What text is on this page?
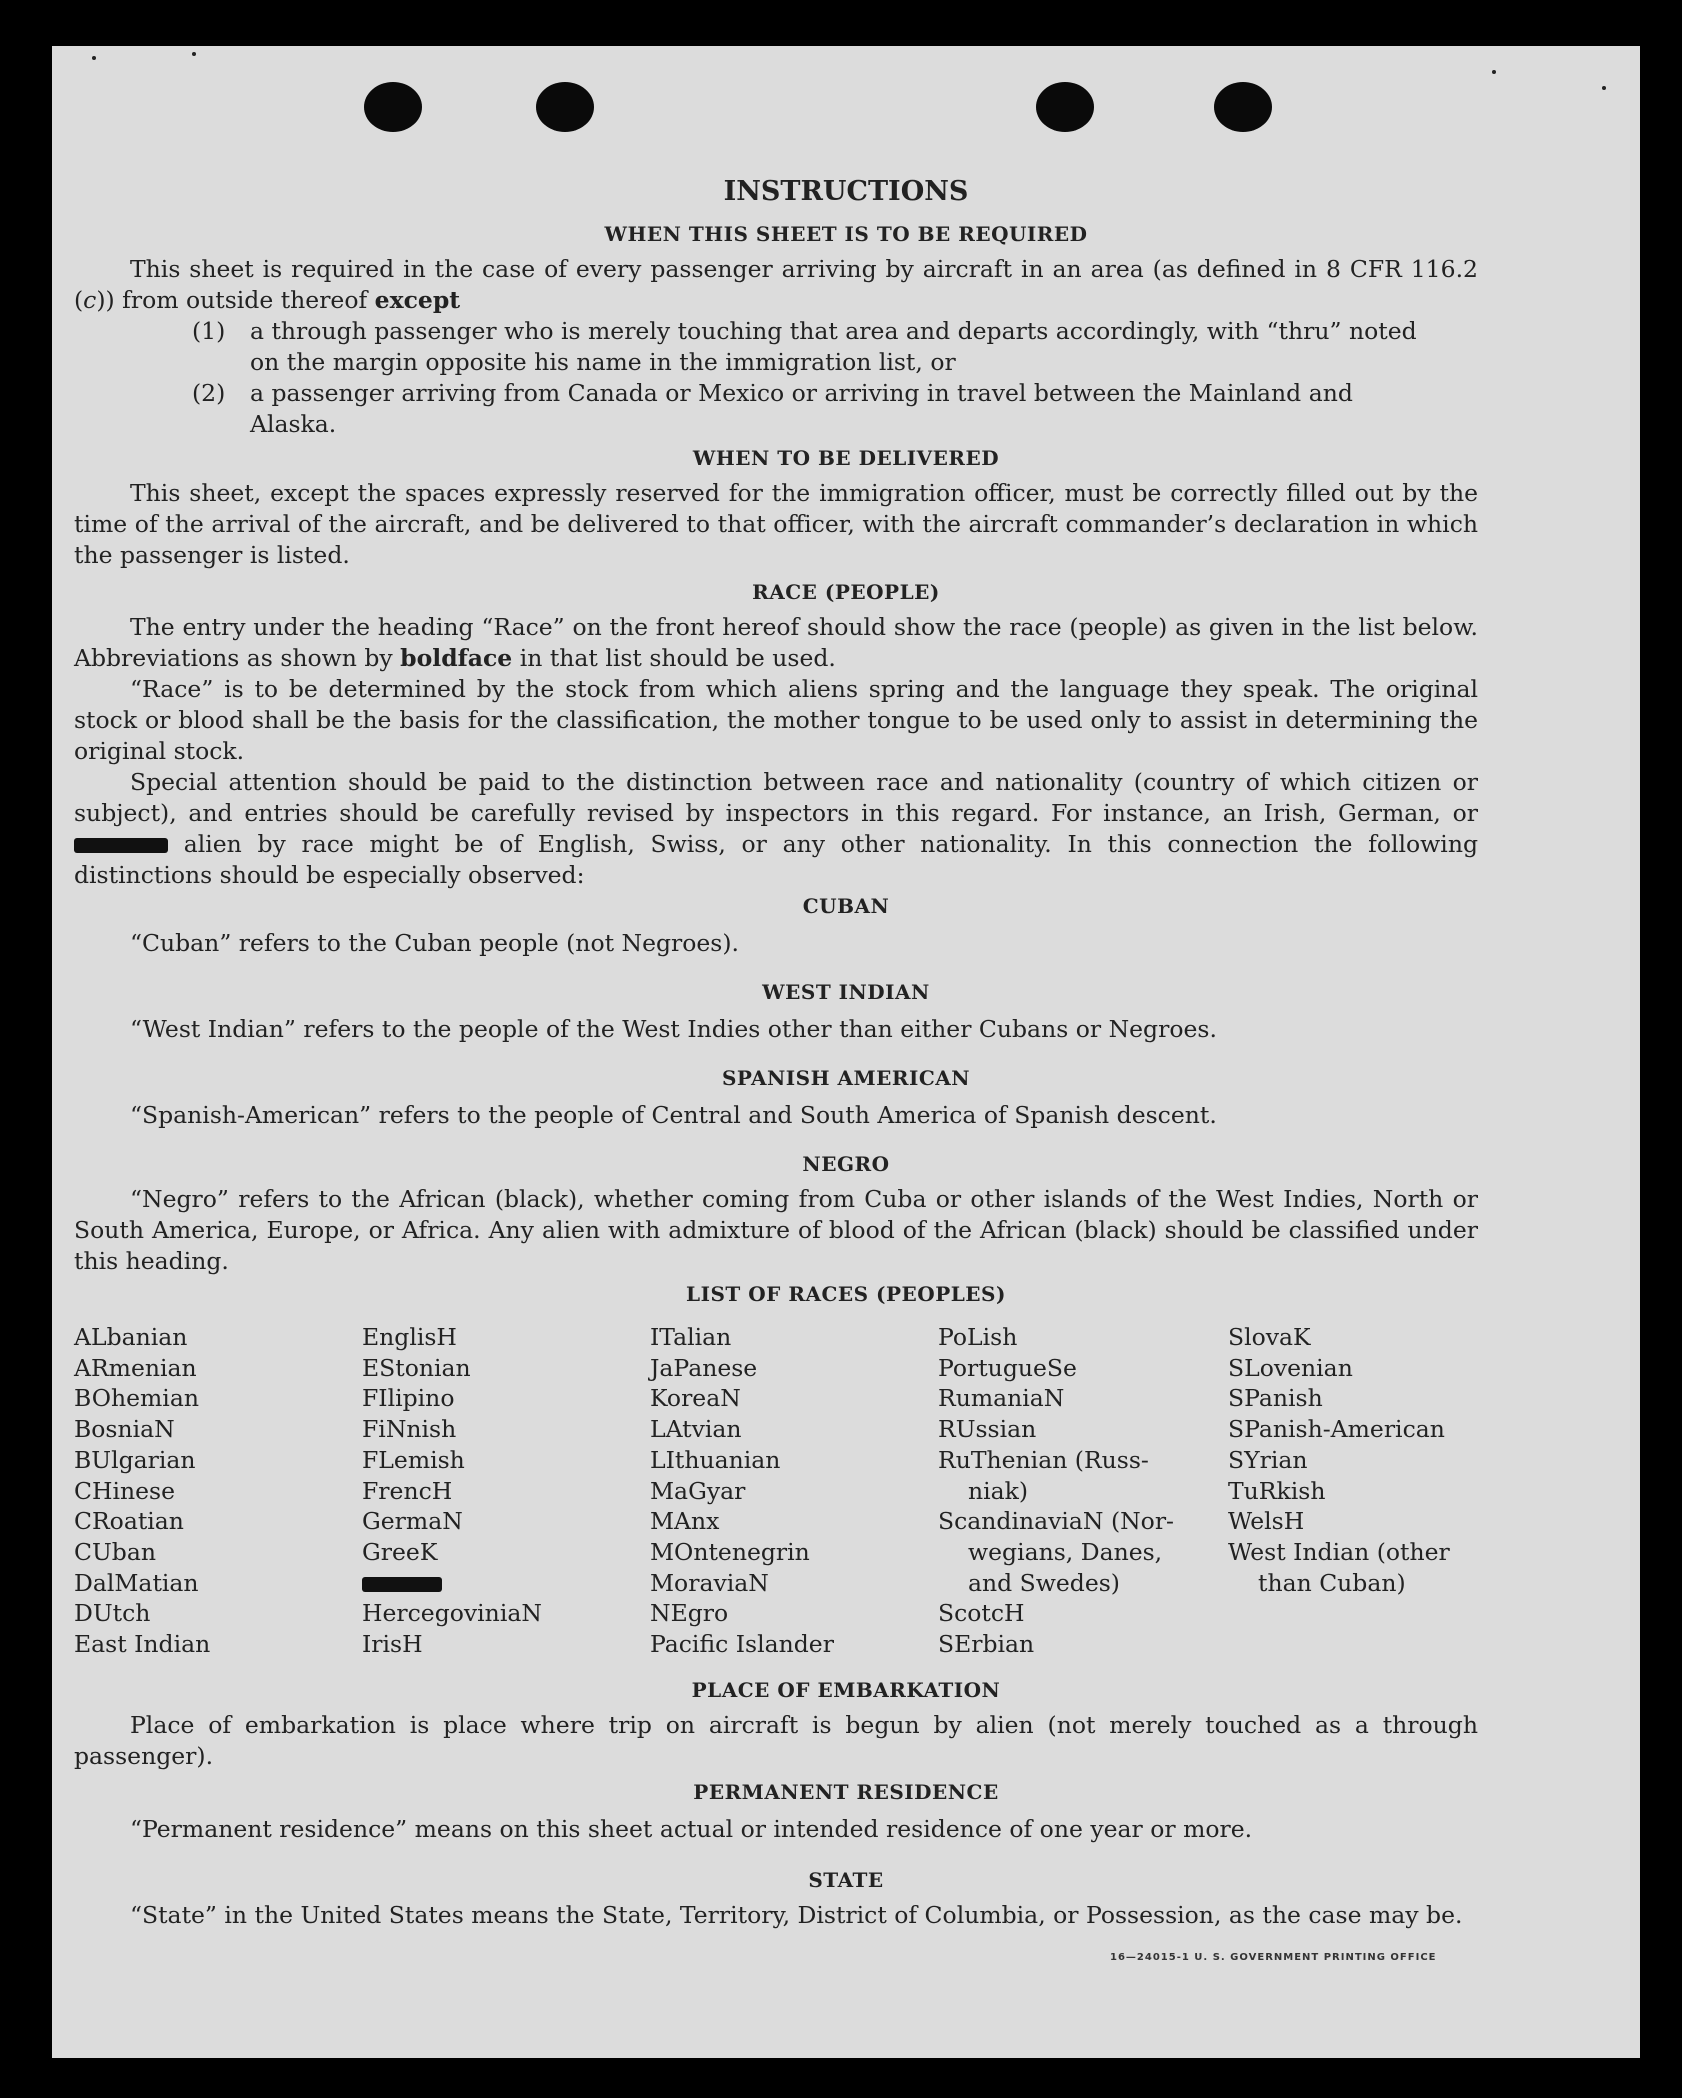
INSTRUCTIONS
WHEN THIS SHEET IS TO BE REQUIRED
This sheet is required in the case of every passenger arriving by aircraft in an area (as defined in 8 CFR 116.2 (c)) from outside thereof except
(1) a through passenger who is merely touching that area and departs accordingly, with “thru” noted
on the margin opposite his name in the immigration list, or
(2) a passenger arriving from Canada or Mexico or arriving in travel between the Mainland and
Alaska.
WHEN TO BE DELIVERED
This sheet, except the spaces expressly reserved for the immigration officer, must be correctly filled out by the time of the arrival of the aircraft, and be delivered to that officer, with the aircraft commander’s declaration in which the passenger is listed.
RACE (PEOPLE)
The entry under the heading “Race” on the front hereof should show the race (people) as given in the list below. Abbreviations as shown by boldface in that list should be used.
“Race” is to be determined by the stock from which aliens spring and the language they speak. The original stock or blood shall be the basis for the classification, the mother tongue to be used only to assist in determining the original stock.
Special attention should be paid to the distinction between race and nationality (country of which citizen or subject), and entries should be carefully revised by inspectors in this regard. For instance, an Irish, German, or  alien by race might be of English, Swiss, or any other nationality. In this connection the following distinctions should be especially observed:
CUBAN
“Cuban” refers to the Cuban people (not Negroes).
WEST INDIAN
“West Indian” refers to the people of the West Indies other than either Cubans or Negroes.
SPANISH AMERICAN
“Spanish-American” refers to the people of Central and South America of Spanish descent.
NEGRO
“Negro” refers to the African (black), whether coming from Cuba or other islands of the West Indies, North or South America, Europe, or Africa. Any alien with admixture of blood of the African (black) should be classified under this heading.
LIST OF RACES (PEOPLES)
ALbanian
ARmenian
BOhemian
BosniaN
BUlgarian
CHinese
CRoatian
CUban
DalMatian
DUtch
East Indian
EnglisH
EStonian
FIlipino
FiNnish
FLemish
FrencH
GermaN
GreeK
HercegoviniaN
IrisH
ITalian
JaPanese
KoreaN
LAtvian
LIthuanian
MaGyar
MAnx
MOntenegrin
MoraviaN
NEgro
Pacific Islander
PoLish
PortugueSe
RumaniaN
RUssian
RuThenian (Russ-
niak)
ScandinaviaN (Nor-
wegians, Danes,
and Swedes)
ScotcH
SErbian
SlovaK
SLovenian
SPanish
SPanish-American
SYrian
TuRkish
WelsH
West Indian (other
than Cuban)
PLACE OF EMBARKATION
Place of embarkation is place where trip on aircraft is begun by alien (not merely touched as a through passenger).
PERMANENT RESIDENCE
“Permanent residence” means on this sheet actual or intended residence of one year or more.
STATE
“State” in the United States means the State, Territory, District of Columbia, or Possession, as the case may be.
16—24015-1 U. S. GOVERNMENT PRINTING OFFICE
